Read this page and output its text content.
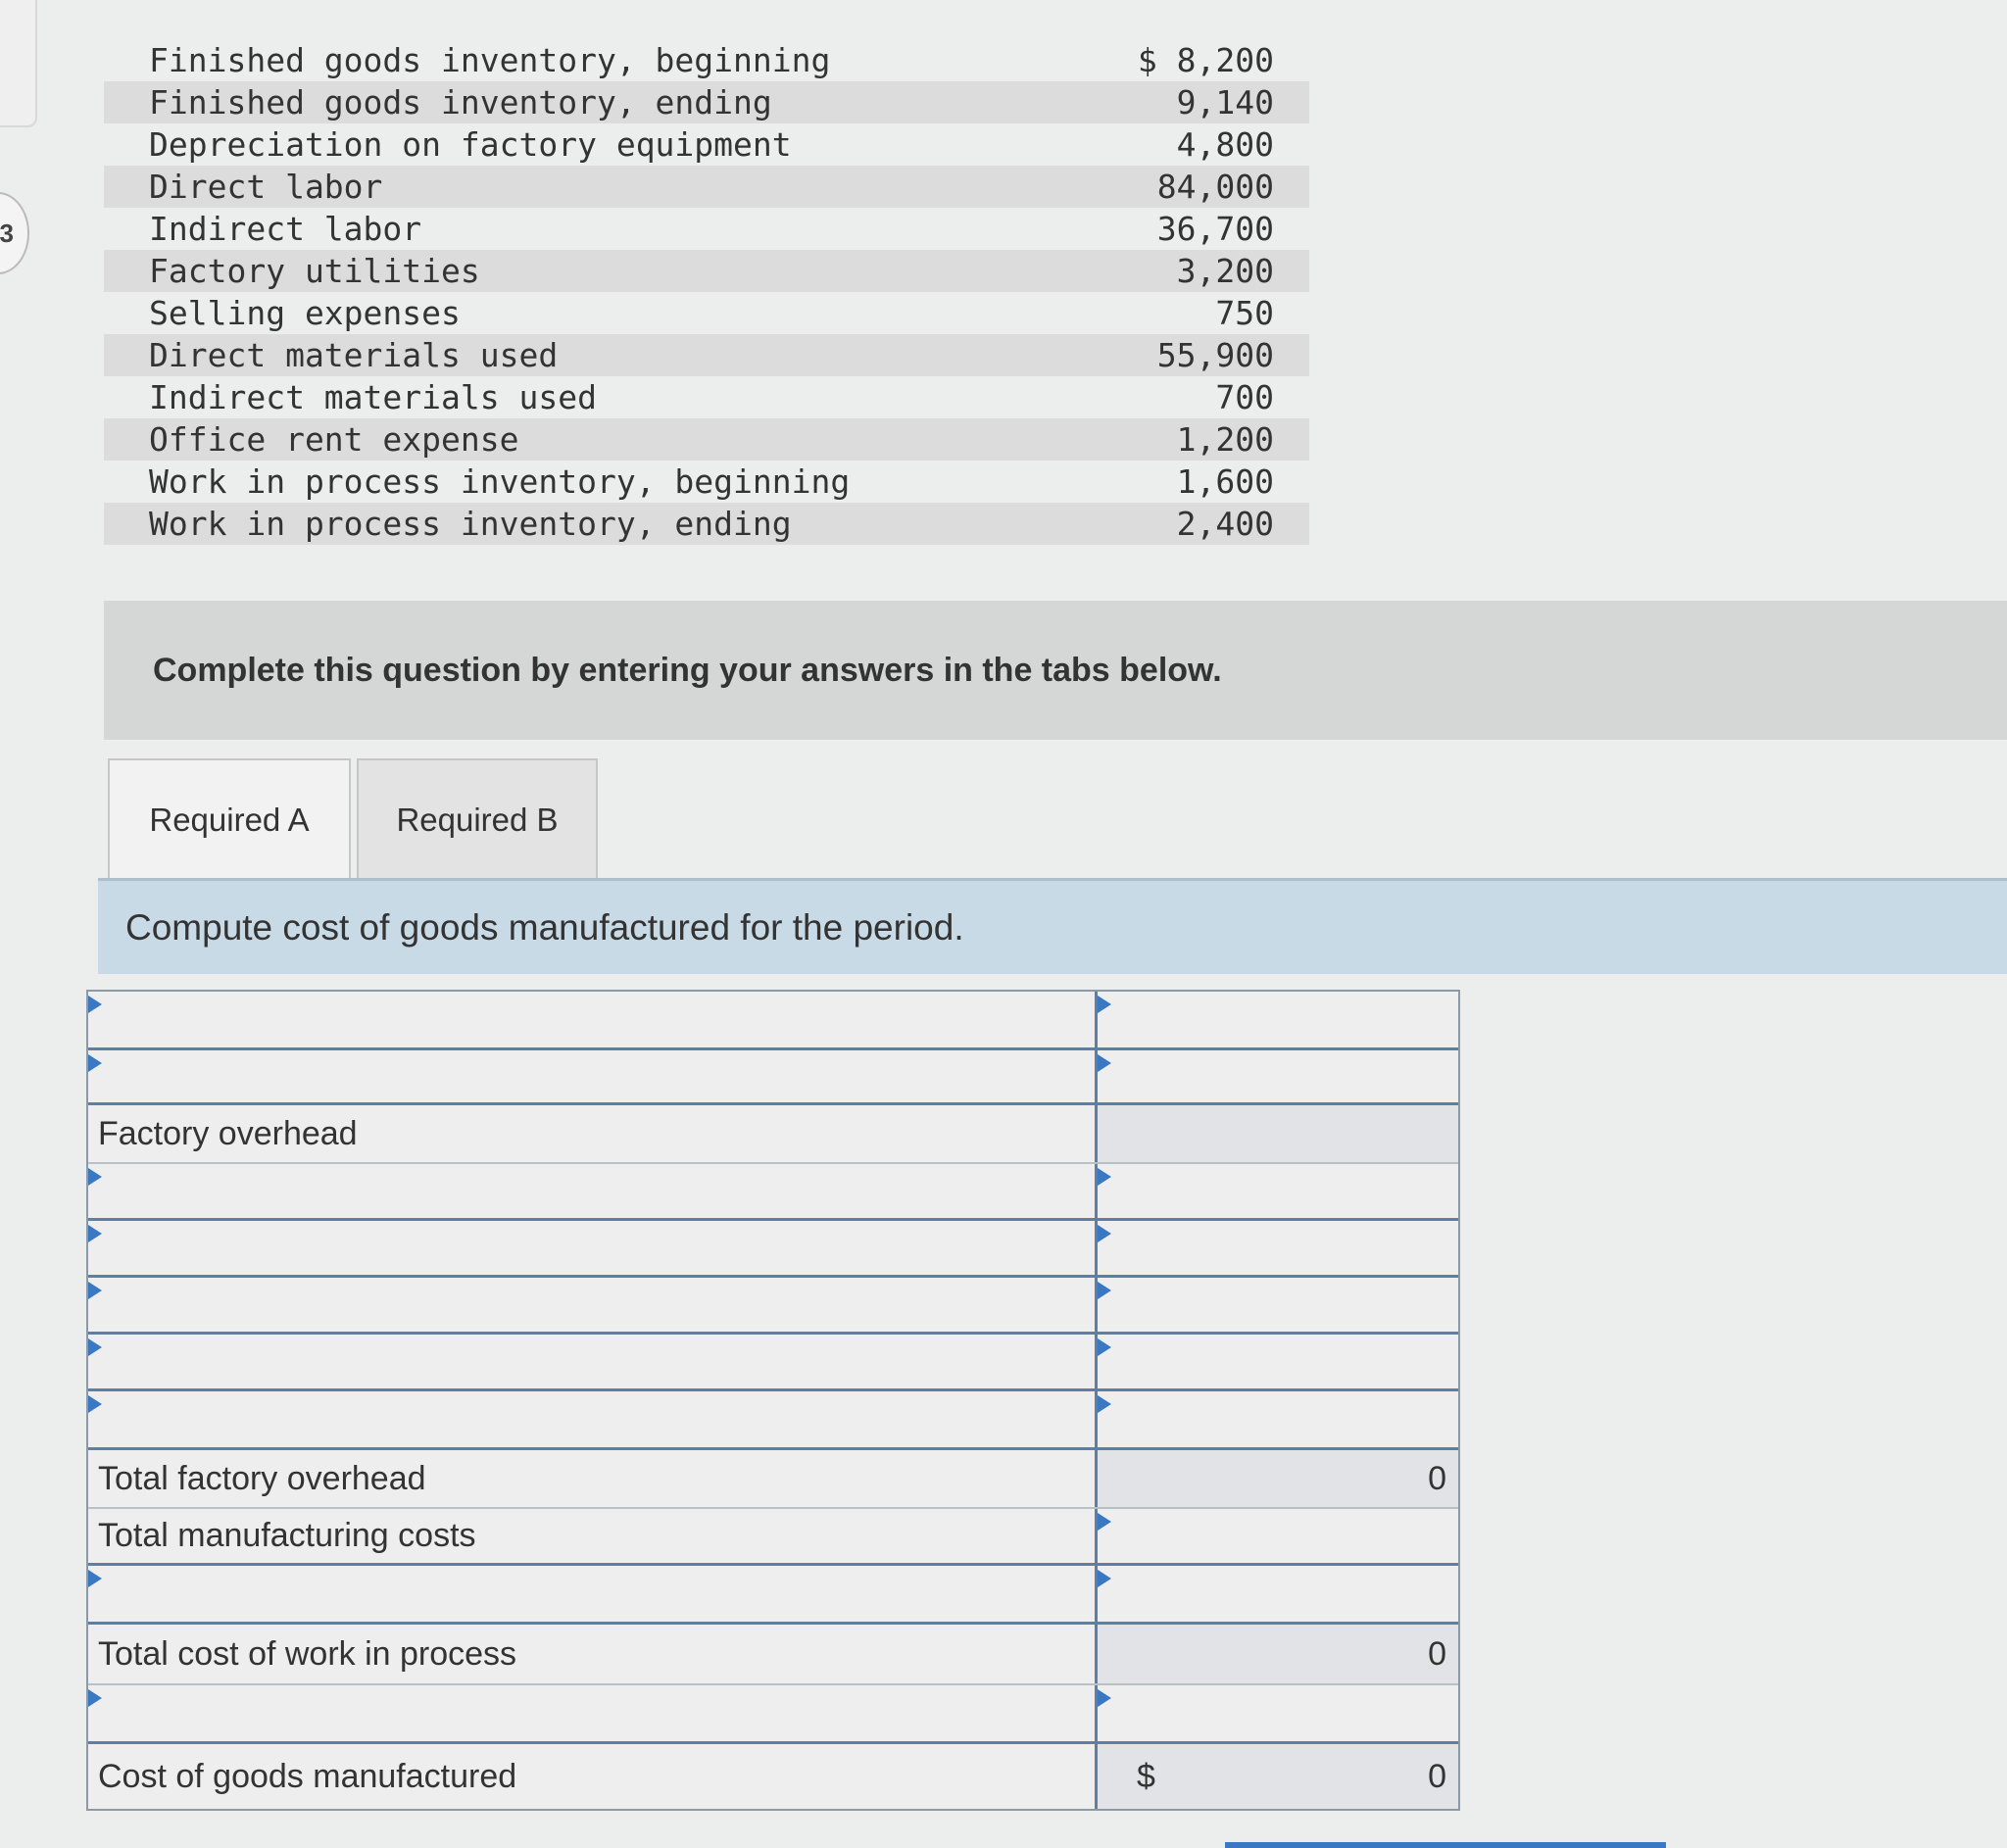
3
Finished goods inventory, beginning	$ 8,200
Finished goods inventory, ending	9,140
Depreciation on factory equipment	4,800
Direct labor	84,000
Indirect labor	36,700
Factory utilities	3,200
Selling expenses	750
Direct materials used	55,900
Indirect materials used	700
Office rent expense	1,200
Work in process inventory, beginning	1,600
Work in process inventory, ending	2,400
Complete this question by entering your answers in the tabs below.
Required A	Required B
Compute cost of goods manufactured for the period.
Factory overhead
Total factory overhead	0
Total manufacturing costs
Total cost of work in process	0
Cost of goods manufactured	$	0
